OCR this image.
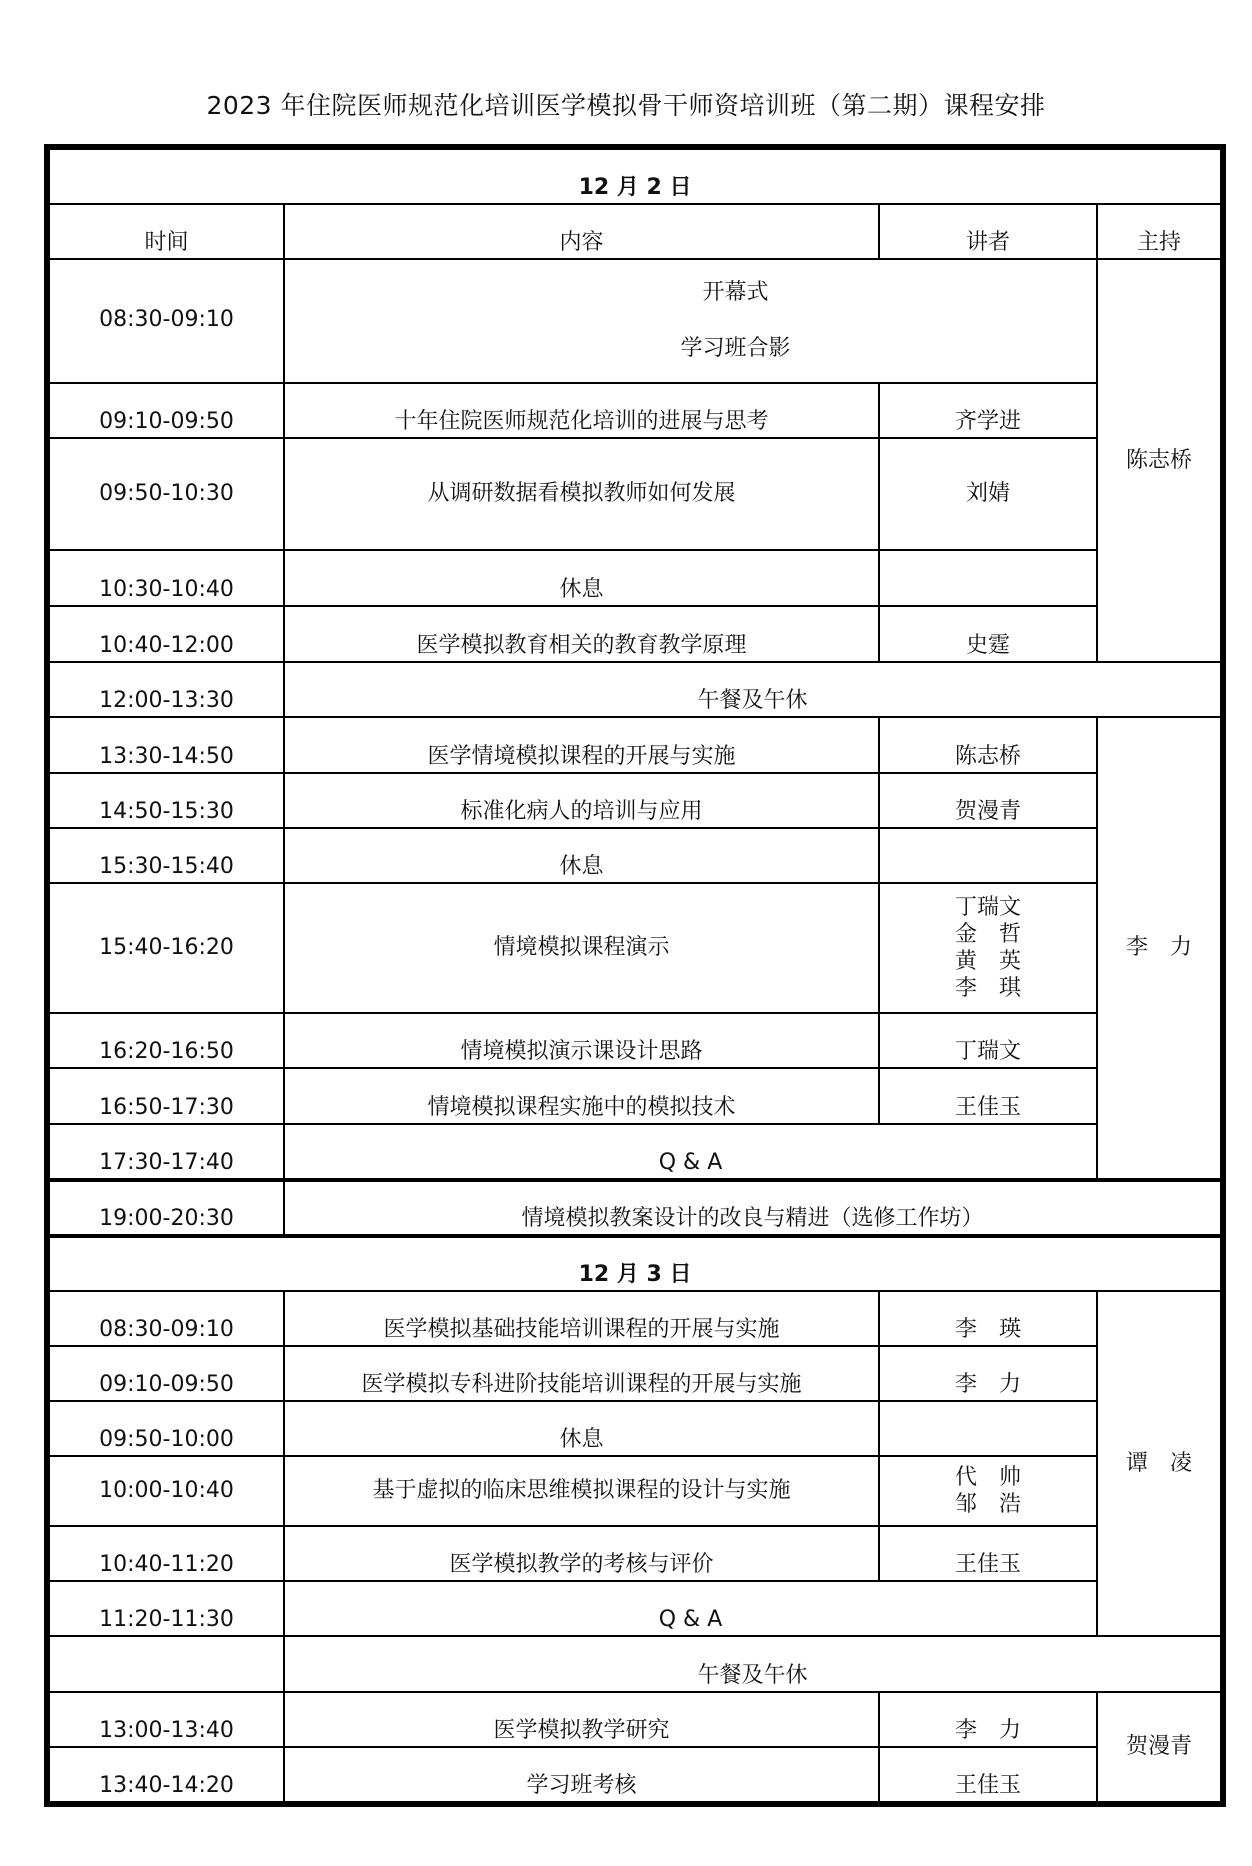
2023 年住院医师规范化培训医学模拟骨干师资培训班（第二期）课程安排
12 月 2 日			
时间	内容	讲者	主持
08:30-09:10	开幕式
学习班合影		陈志桥
09:10-09:50	十年住院医师规范化培训的进展与思考	齐学进	
09:50-10:30	从调研数据看模拟教师如何发展	刘婧	
10:30-10:40	休息		
10:40-12:00	医学模拟教育相关的教育教学原理	史霆	
12:00-13:30	午餐及午休		
13:30-14:50	医学情境模拟课程的开展与实施	陈志桥	李　力
14:50-15:30	标准化病人的培训与应用	贺漫青	
15:30-15:40	休息		
15:40-16:20	情境模拟课程演示	丁瑞文
金　哲
黄　英
李　琪	

16:20-16:50	情境模拟演示课设计思路	丁瑞文	
16:50-17:30	情境模拟课程实施中的模拟技术	王佳玉	
17:30-17:40	Q & A		
19:00-20:30	情境模拟教案设计的改良与精进（选修工作坊）		
12 月 3 日			
08:30-09:10	医学模拟基础技能培训课程的开展与实施	李　瑛	谭　凌
09:10-09:50	医学模拟专科进阶技能培训课程的开展与实施	李　力	
09:50-10:00	休息		
10:00-10:40	基于虚拟的临床思维模拟课程的设计与实施	代　帅
邹　浩	

10:40-11:20	医学模拟教学的考核与评价	王佳玉	
11:20-11:30	Q & A		
	午餐及午休		
13:00-13:40	医学模拟教学研究	李　力	贺漫青
13:40-14:20	学习班考核	王佳玉	
